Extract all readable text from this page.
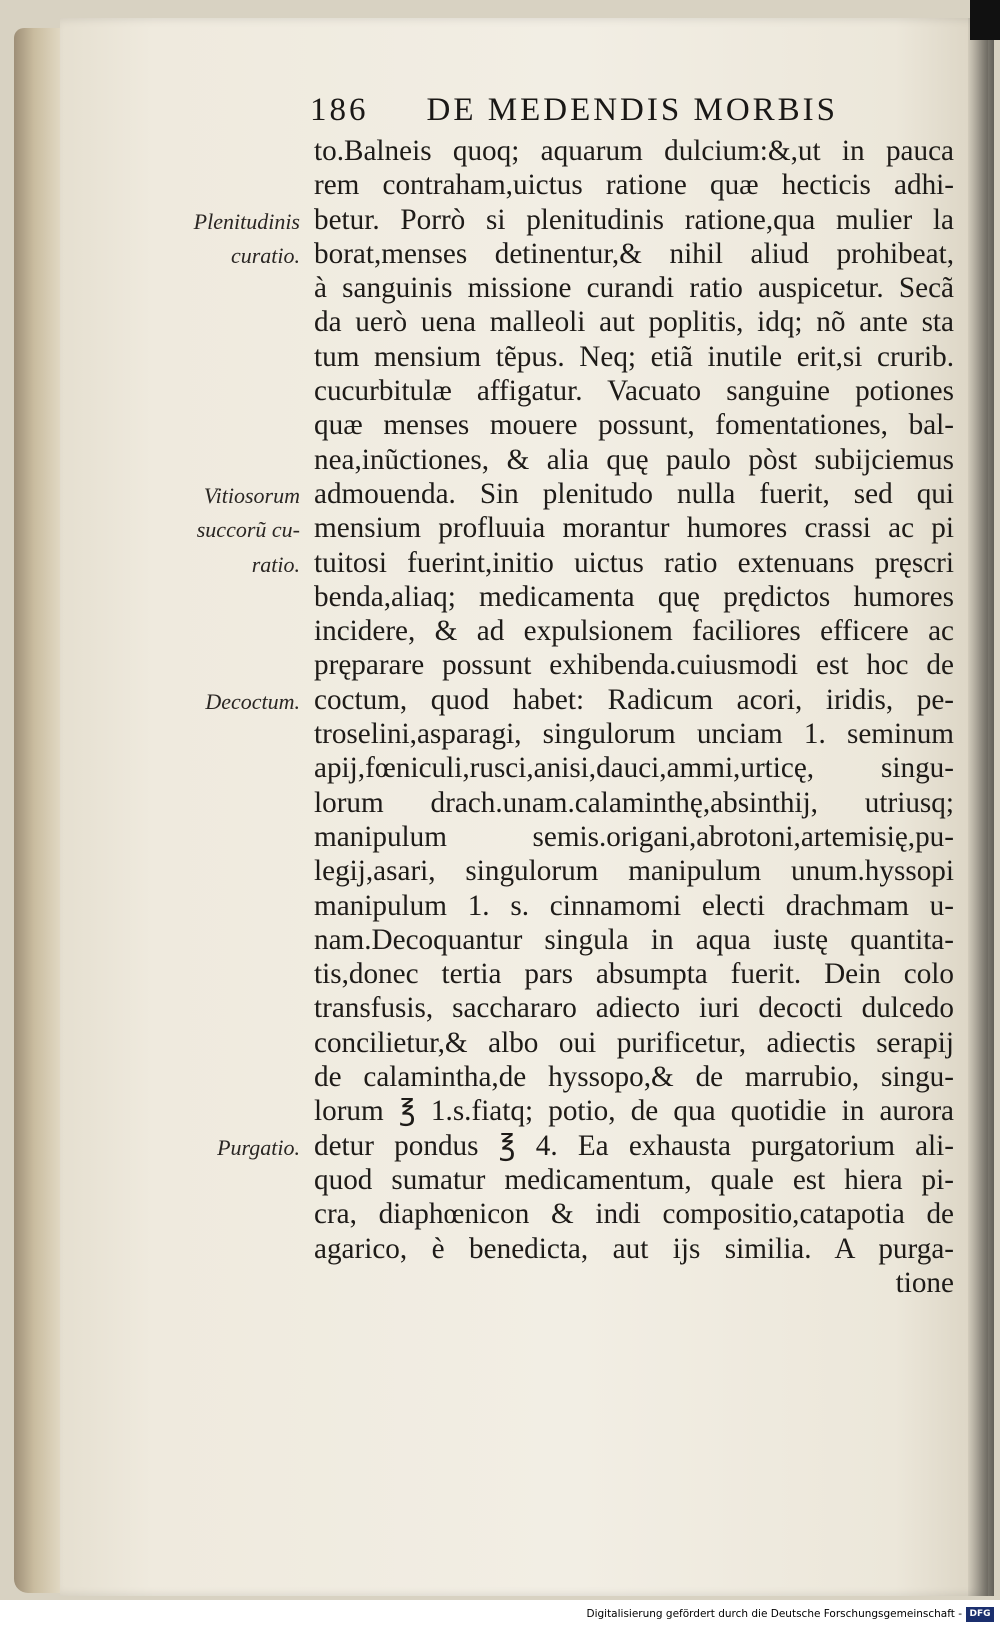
186 DE MEDENDIS MORBIS
to.Balneis quoq; aquarum dulcium:&,ut in pauca
rem contraham,uictus ratione quæ hecticis adhi-
betur. Porrò si plenitudinis ratione,qua mulier la
borat,menses detinentur,& nihil aliud prohibeat,
à sanguinis missione curandi ratio auspicetur. Secã
da uerò uena malleoli aut poplitis, idq; nõ ante sta
tum mensium tẽpus. Neq; etiã inutile erit,si crurib.
cucurbitulæ affigatur. Vacuato sanguine potiones
quæ menses mouere possunt, fomentationes, bal-
nea,inũctiones, & alia quę paulo pòst subijciemus
admouenda. Sin plenitudo nulla fuerit, sed qui
mensium profluuia morantur humores crassi ac pi
tuitosi fuerint,initio uictus ratio extenuans pręscri
benda,aliaq; medicamenta quę prędictos humores
incidere, & ad expulsionem faciliores efficere ac
pręparare possunt exhibenda.cuiusmodi est hoc de
coctum, quod habet: Radicum acori, iridis, pe-
troselini,asparagi, singulorum unciam 1. seminum
apij,fœniculi,rusci,anisi,dauci,ammi,urticę, singu-
lorum drach.unam.calaminthę,absinthij, utriusq;
manipulum semis.origani,abrotoni,artemisię,pu-
legij,asari, singulorum manipulum unum.hyssopi
manipulum 1. s. cinnamomi electi drachmam u-
nam.Decoquantur singula in aqua iustę quantita-
tis,donec tertia pars absumpta fuerit. Dein colo
transfusis, sacchararo adiecto iuri decocti dulcedo
concilietur,& albo oui purificetur, adiectis serapij
de calamintha,de hyssopo,& de marrubio, singu-
lorum ℥ 1.s.fiatq; potio, de qua quotidie in aurora
detur pondus ℥ 4. Ea exhausta purgatorium ali-
quod sumatur medicamentum, quale est hiera pi-
cra, diaphœnicon & indi compositio,catapotia de
agarico, è benedicta, aut ijs similia. A purga-
tione
Plenitudinis
curatio.
Vitiosorum
succorũ cu-
ratio.
Decoctum.
Purgatio.
Digitalisierung gefördert durch die Deutsche Forschungsgemeinschaft - DFG
